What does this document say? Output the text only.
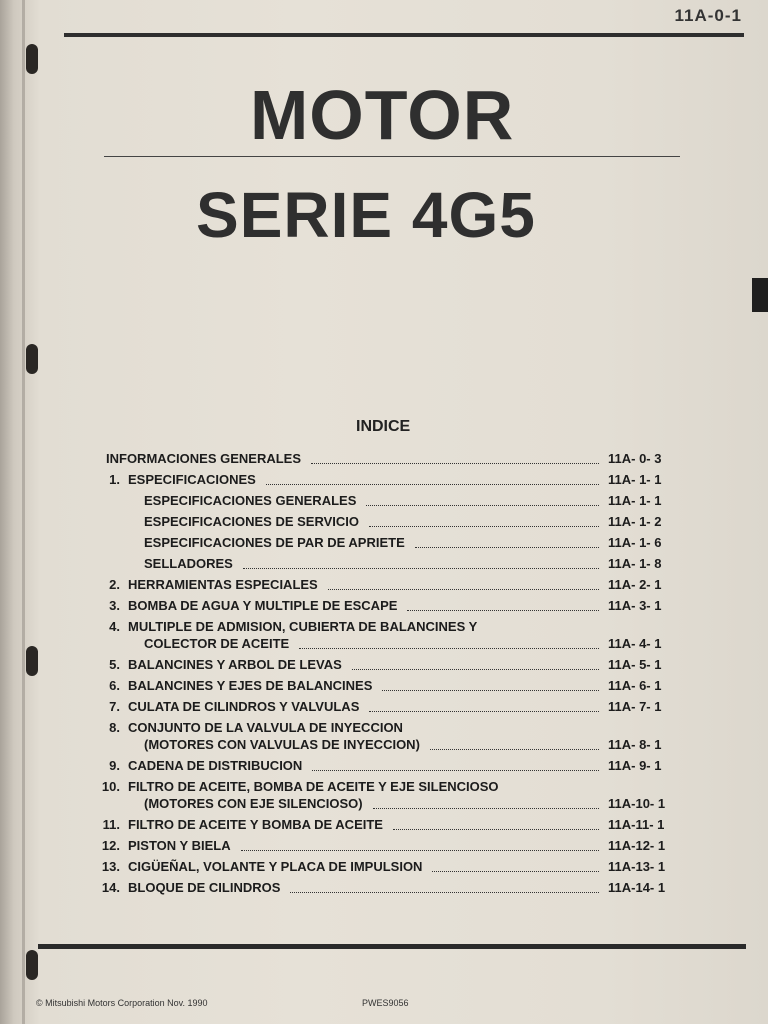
11A-0-1
MOTOR
SERIE 4G5
INDICE
INFORMACIONES GENERALES	11A- 0- 3
1. ESPECIFICACIONES	11A- 1- 1
ESPECIFICACIONES GENERALES	11A- 1- 1
ESPECIFICACIONES DE SERVICIO	11A- 1- 2
ESPECIFICACIONES DE PAR DE APRIETE	11A- 1- 6
SELLADORES	11A- 1- 8
2. HERRAMIENTAS ESPECIALES	11A- 2- 1
3. BOMBA DE AGUA Y MULTIPLE DE ESCAPE	11A- 3- 1
4. MULTIPLE DE ADMISION, CUBIERTA DE BALANCINES Y
COLECTOR DE ACEITE	11A- 4- 1
5. BALANCINES Y ARBOL DE LEVAS	11A- 5- 1
6. BALANCINES Y EJES DE BALANCINES	11A- 6- 1
7. CULATA DE CILINDROS Y VALVULAS	11A- 7- 1
8. CONJUNTO DE LA VALVULA DE INYECCION
(MOTORES CON VALVULAS DE INYECCION)	11A- 8- 1
9. CADENA DE DISTRIBUCION	11A- 9- 1
10. FILTRO DE ACEITE, BOMBA DE ACEITE Y EJE SILENCIOSO
(MOTORES CON EJE SILENCIOSO)	11A-10- 1
11. FILTRO DE ACEITE Y BOMBA DE ACEITE	11A-11- 1
12. PISTON Y BIELA	11A-12- 1
13. CIGÜEÑAL, VOLANTE Y PLACA DE IMPULSION	11A-13- 1
14. BLOQUE DE CILINDROS	11A-14- 1
© Mitsubishi Motors Corporation Nov. 1990	PWES9056
